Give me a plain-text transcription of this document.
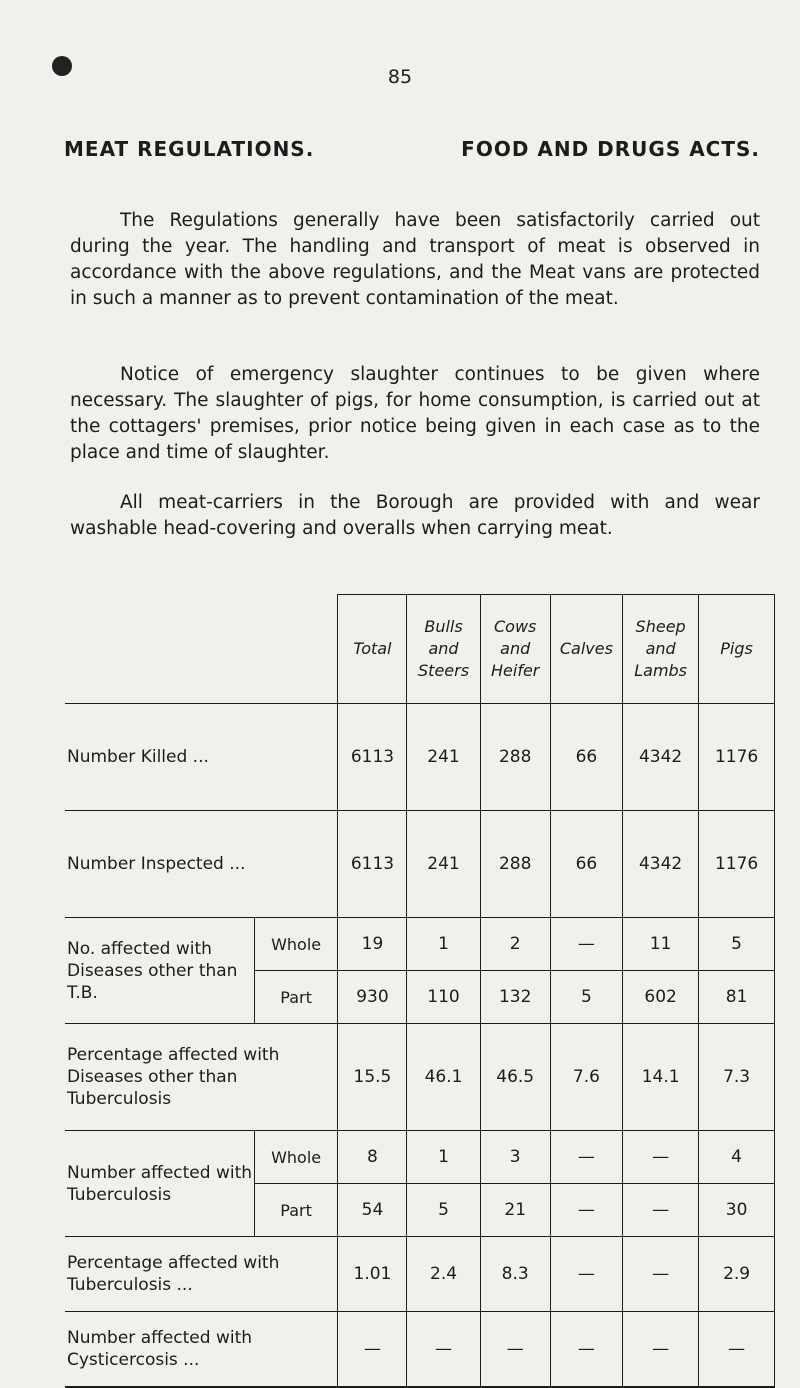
85
MEAT REGULATIONS.	FOOD AND DRUGS ACTS.

The Regulations generally have been satisfactorily carried out during the year. The handling and transport of meat is observed in accordance with the above regulations, and the Meat vans are protected in such a manner as to prevent contamination of the meat.

Notice of emergency slaughter continues to be given where necessary. The slaughter of pigs, for home consumption, is carried out at the cottagers' premises, prior notice being given in each case as to the place and time of slaughter.

All meat-carriers in the Borough are provided with and wear washable head-covering and overalls when carrying meat.

		Total	Bulls and Steers	Cows and Heifer	Calves	Sheep and Lambs	Pigs
Number Killed ...		6113	241	288	66	4342	1176
Number Inspected ...		6113	241	288	66	4342	1176
No. affected with Diseases other than T.B.	Whole	19	1	2	—	11	5
	Part	930	110	132	5	602	81
Percentage affected with Diseases other than Tuberculosis		15.5	46.1	46.5	7.6	14.1	7.3
Number affected with Tuberculosis	Whole	8	1	3	—	—	4
	Part	54	5	21	—	—	30
Percentage affected with Tuberculosis ...		1.01	2.4	8.3	—	—	2.9
Number affected with Cysticercosis ...		—	—	—	—	—	—
